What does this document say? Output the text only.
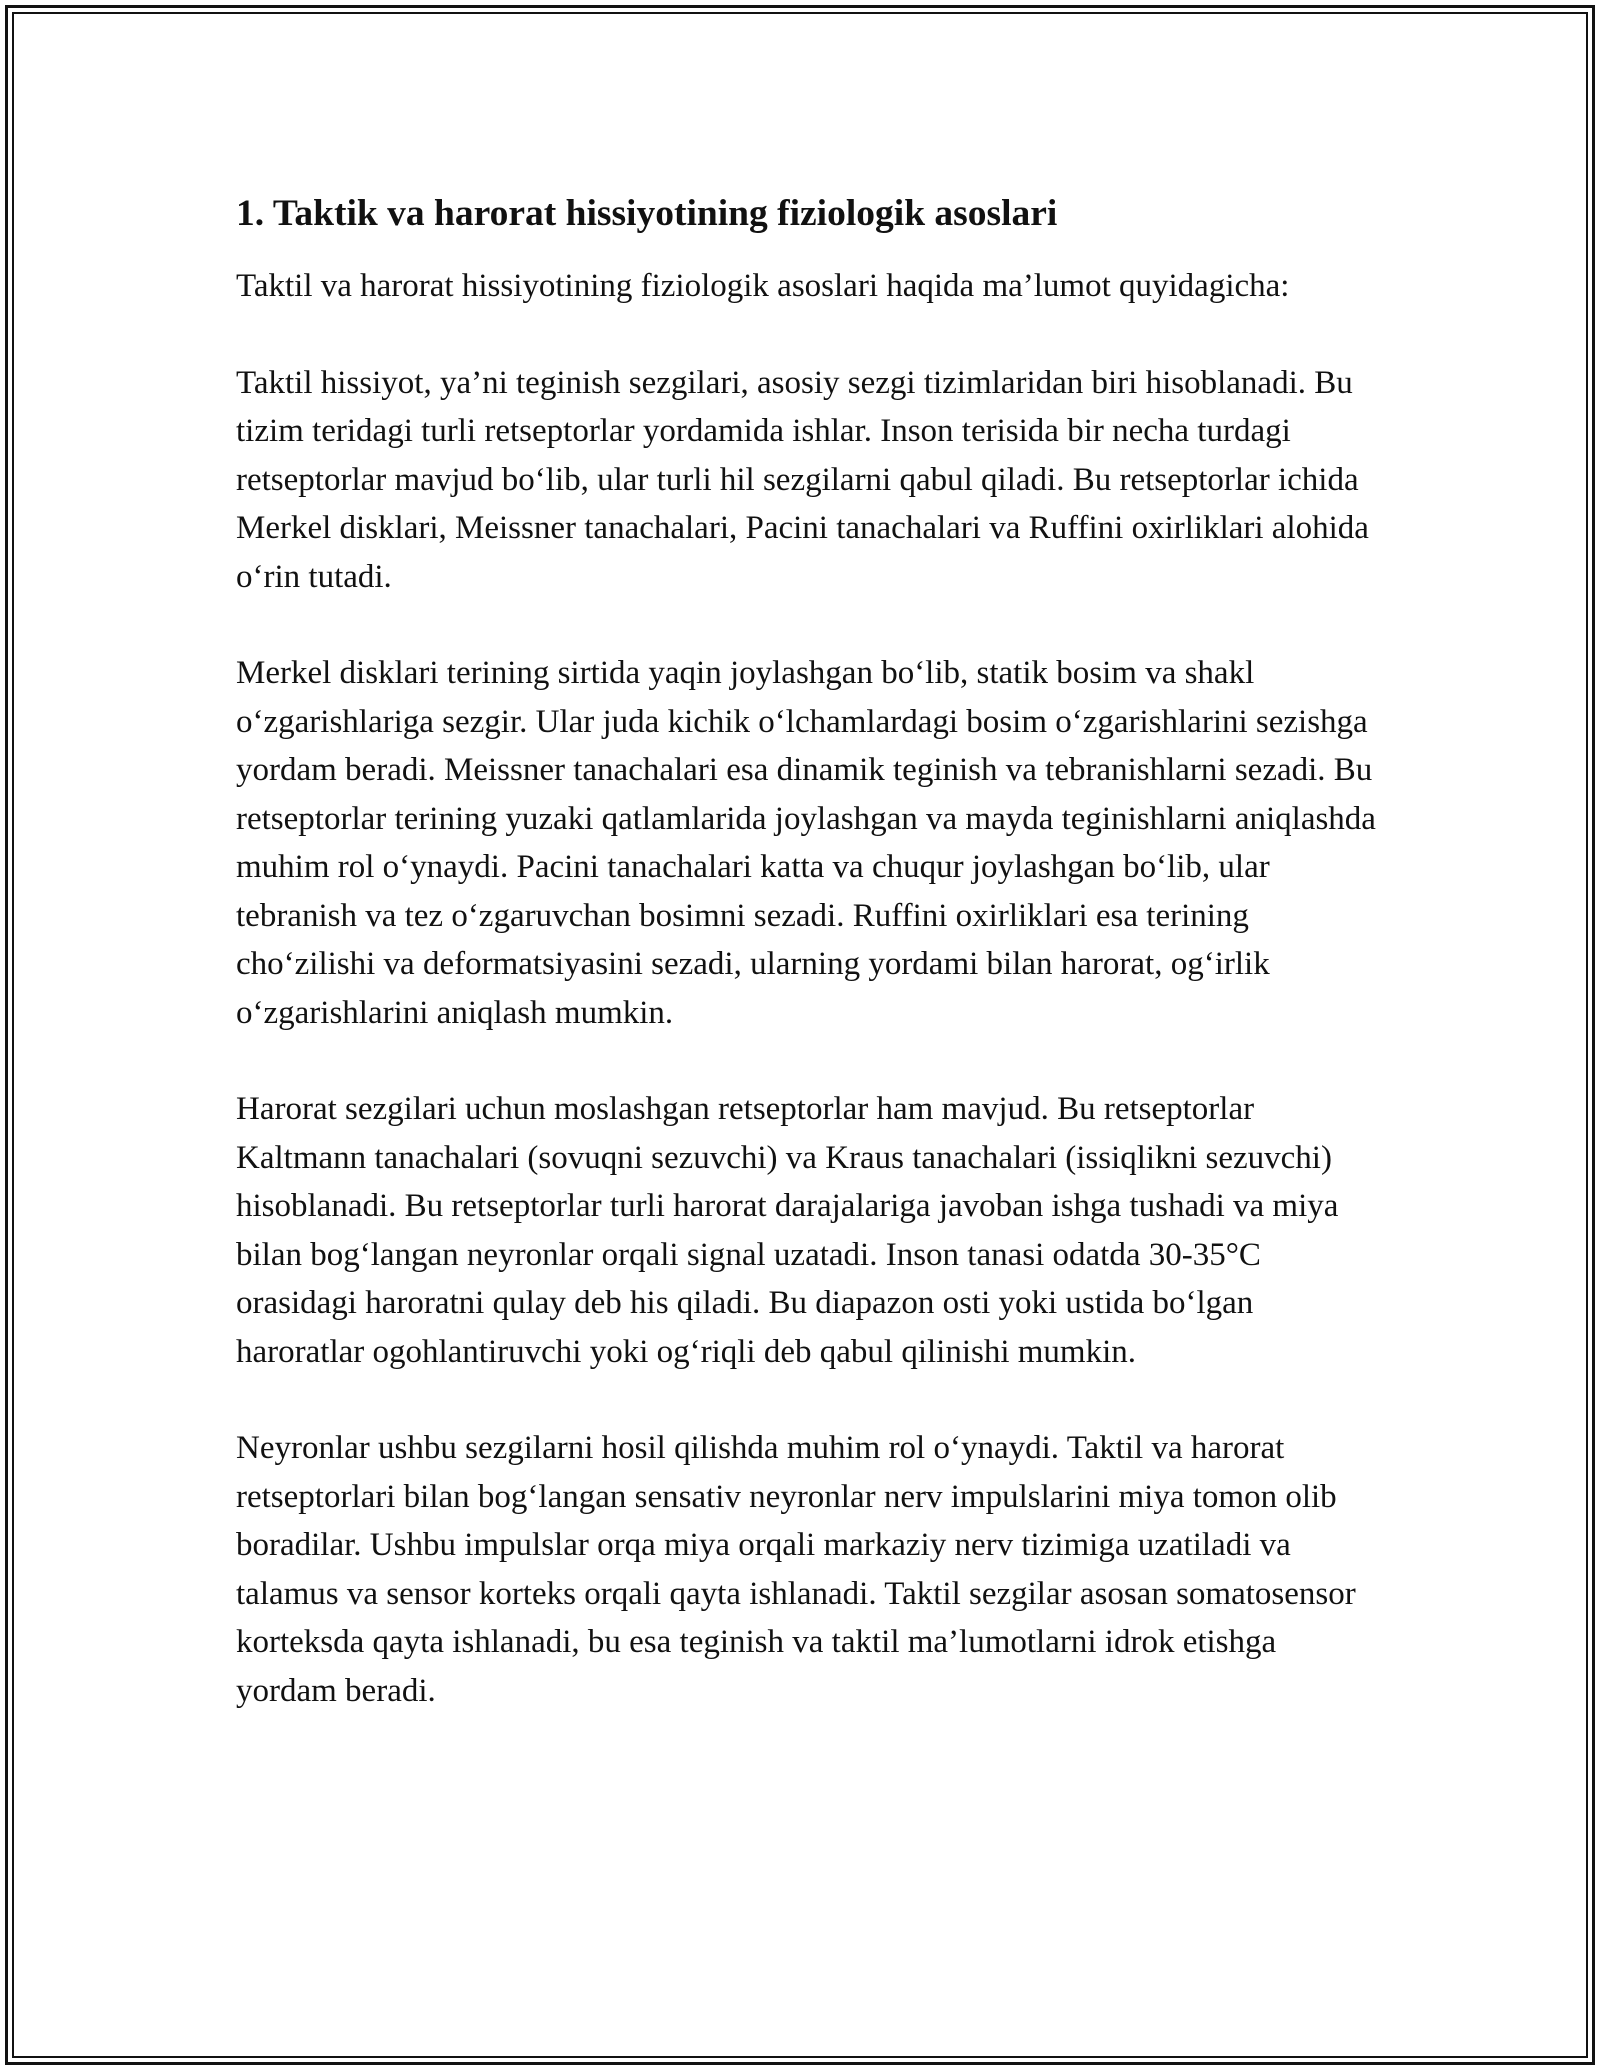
1. Taktik va harorat hissiyotining fiziologik asoslari

Taktil va harorat hissiyotining fiziologik asoslari haqida ma’lumot quyidagicha:

Taktil hissiyot, ya’ni teginish sezgilari, asosiy sezgi tizimlaridan biri hisoblanadi. Bu tizim teridagi turli retseptorlar yordamida ishlar. Inson terisida bir necha turdagi retseptorlar mavjud bo‘lib, ular turli hil sezgilarni qabul qiladi. Bu retseptorlar ichida Merkel disklari, Meissner tanachalari, Pacini tanachalari va Ruffini oxirliklari alohida o‘rin tutadi.

Merkel disklari terining sirtida yaqin joylashgan bo‘lib, statik bosim va shakl o‘zgarishlariga sezgir. Ular juda kichik o‘lchamlardagi bosim o‘zgarishlarini sezishga yordam beradi. Meissner tanachalari esa dinamik teginish va tebranishlarni sezadi. Bu retseptorlar terining yuzaki qatlamlarida joylashgan va mayda teginishlarni aniqlashda muhim rol o‘ynaydi. Pacini tanachalari katta va chuqur joylashgan bo‘lib, ular tebranish va tez o‘zgaruvchan bosimni sezadi. Ruffini oxirliklari esa terining cho‘zilishi va deformatsiyasini sezadi, ularning yordami bilan harorat, og‘irlik o‘zgarishlarini aniqlash mumkin.

Harorat sezgilari uchun moslashgan retseptorlar ham mavjud. Bu retseptorlar Kaltmann tanachalari (sovuqni sezuvchi) va Kraus tanachalari (issiqlikni sezuvchi) hisoblanadi. Bu retseptorlar turli harorat darajalariga javoban ishga tushadi va miya bilan bog‘langan neyronlar orqali signal uzatadi. Inson tanasi odatda 30-35°C orasidagi haroratni qulay deb his qiladi. Bu diapazon osti yoki ustida bo‘lgan haroratlar ogohlantiruvchi yoki og‘riqli deb qabul qilinishi mumkin.

Neyronlar ushbu sezgilarni hosil qilishda muhim rol o‘ynaydi. Taktil va harorat retseptorlari bilan bog‘langan sensativ neyronlar nerv impulslarini miya tomon olib boradilar. Ushbu impulslar orqa miya orqali markaziy nerv tizimiga uzatiladi va talamus va sensor korteks orqali qayta ishlanadi. Taktil sezgilar asosan somatosensor korteksda qayta ishlanadi, bu esa teginish va taktil ma’lumotlarni idrok etishga yordam beradi.
